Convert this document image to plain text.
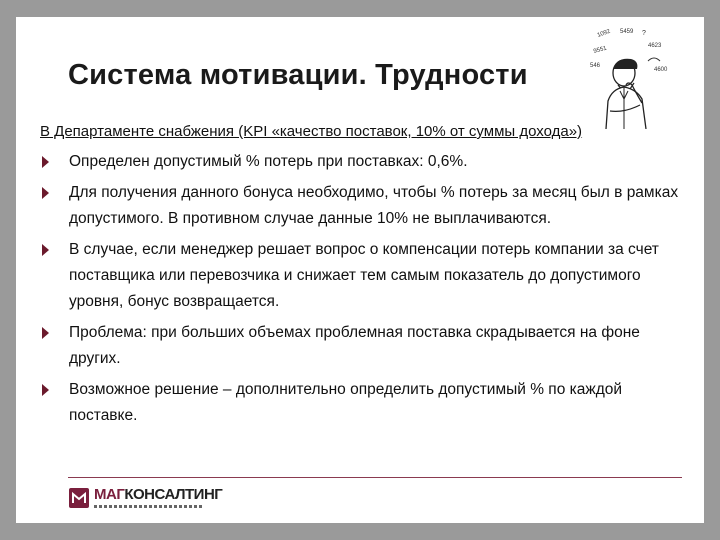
Система мотивации. Трудности
1092 5459 ?
9551	4623
546
4600
В Департаменте снабжения (KPI «качество поставок, 10% от суммы дохода»)
Определен допустимый % потерь при поставках: 0,6%.
Для получения данного бонуса необходимо, чтобы % потерь за месяц был в рамках допустимого. В противном случае данные 10% не выплачиваются.
В случае, если менеджер решает вопрос о компенсации потерь компании за счет поставщика или перевозчика и снижает тем самым показатель до допустимого уровня, бонус возвращается.
Проблема: при больших объемах проблемная поставка скрадывается на фоне других.
Возможное решение – дополнительно определить допустимый % по каждой поставке.
МАГКОНСАЛТИНГ
